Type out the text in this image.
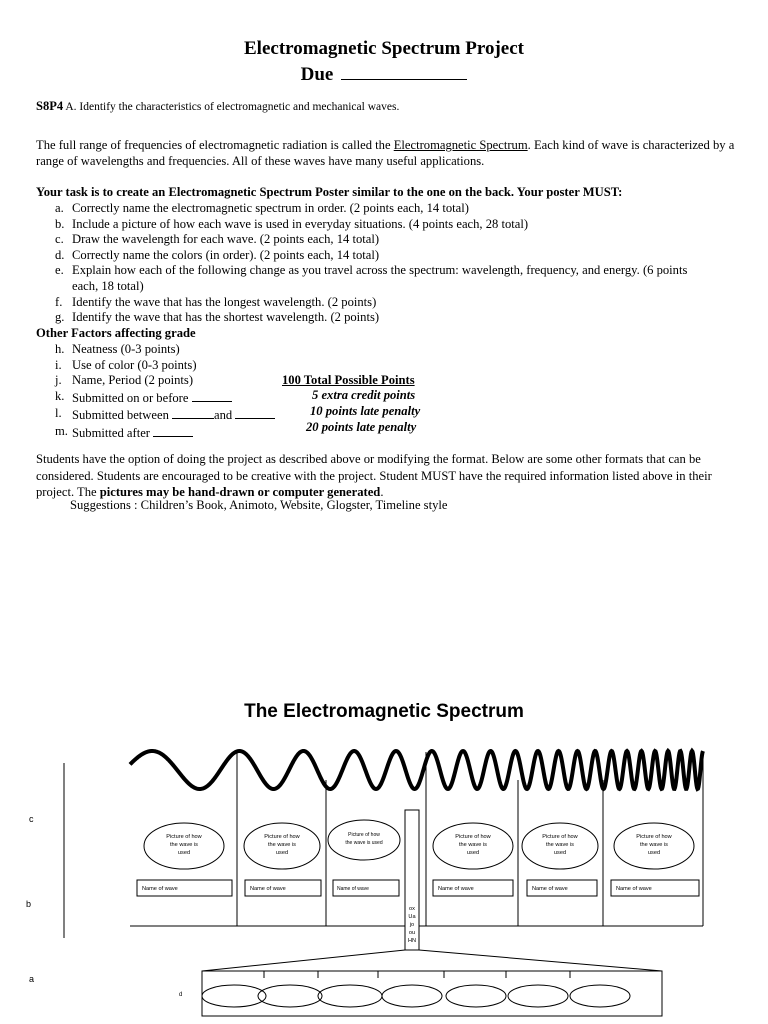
Electromagnetic Spectrum Project
Due
S8P4 A. Identify the characteristics of electromagnetic and mechanical waves.
The full range of frequencies of electromagnetic radiation is called the Electromagnetic Spectrum. Each kind of wave is characterized by a range of wavelengths and frequencies. All of these waves have many useful applications.
Your task is to create an Electromagnetic Spectrum Poster similar to the one on the back. Your poster MUST:
a. Correctly name the electromagnetic spectrum in order. (2 points each, 14 total)
b. Include a picture of how each wave is used in everyday situations. (4 points each, 28 total)
c. Draw the wavelength for each wave. (2 points each, 14 total)
d. Correctly name the colors (in order). (2 points each, 14 total)
e. Explain how each of the following change as you travel across the spectrum: wavelength, frequency, and energy. (6 points each, 18 total)
f. Identify the wave that has the longest wavelength. (2 points)
g. Identify the wave that has the shortest wavelength. (2 points)
Other Factors affecting grade
h. Neatness (0-3 points)
i. Use of color (0-3 points)
j. Name, Period (2 points)
k. Submitted on or before
l. Submitted between	and
m. Submitted after
100 Total Possible Points
5 extra credit points
10 points late penalty
20 points late penalty
Students have the option of doing the project as described above or modifying the format. Below are some other formats that can be considered. Students are encouraged to be creative with the project. Student MUST have the required information listed above in their project. The pictures may be hand-drawn or computer generated.
Suggestions : Children’s Book, Animoto, Website, Glogster, Timeline style
The Electromagnetic Spectrum
Picture of how
the wave is
used
Picture of how
the wave is
used
Picture of how
the wave is used
Picture of how
the wave is
used
Picture of how
the wave is
used
Picture of how
the wave is
used
Name of wave	Name of wave	Name of wave	Name of wave	Name of wave	Name of wave
ox
Ua
jo
ou
HN
c
b
a
d
